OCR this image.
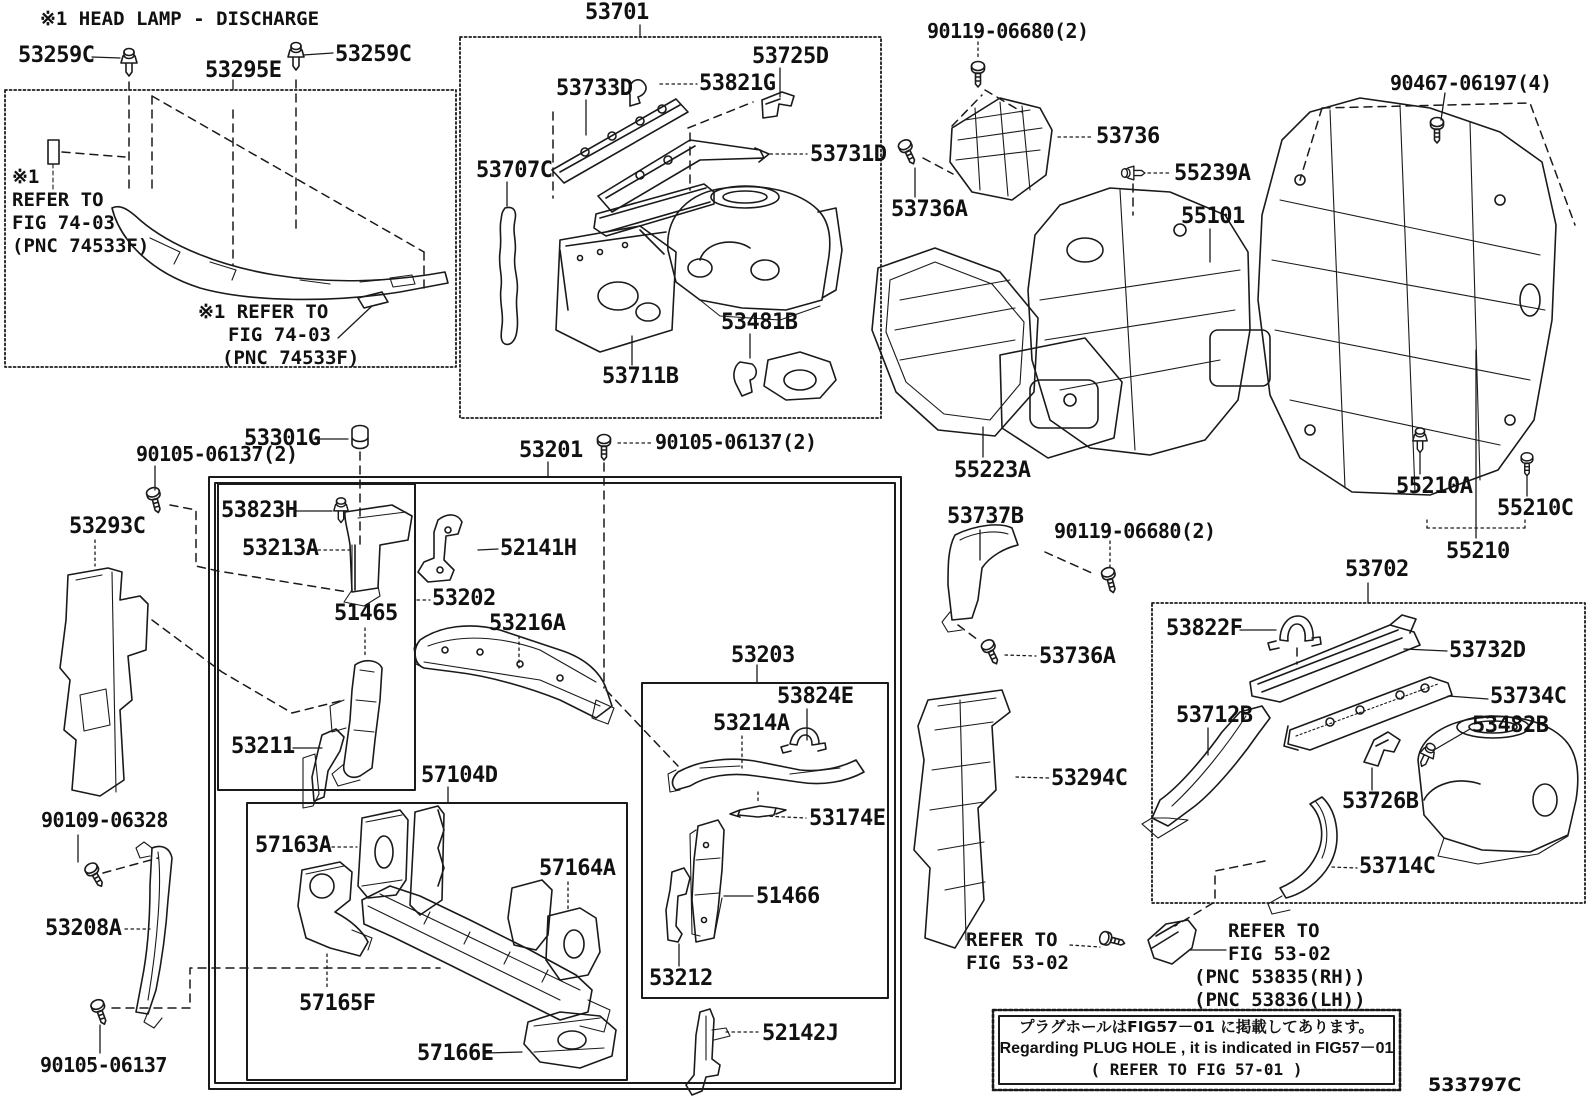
53259C
53295E
53259C
53701
53725D
53733D	53821G
53731D
53707C
53481B
53711B
90119-06680(2)
53736
53736A
55239A
55101
90467-06197(4)
55223A
55210A
55210C
55210
53702
53737B
90119-06680(2)
53736A
53301G
90105-06137(2)
53293C
53823H
53213A
51465
53202
52141H
53216A
53201	90105-06137(2)
53203
53824E
53214A
53174E
51466
53212
53211
57104D
57163A
57164A
57165F
57166E
52142J
90109-06328
53208A
90105-06137
53822F
53732D
53734C
53482B
53712B
53726B
53714C
53294C
※1 HEAD LAMP - DISCHARGE
※1
REFER TO
FIG 74-03
(PNC 74533F)
※1 REFER TO
FIG 74-03
(PNC 74533F)
REFER TO
FIG 53-02
REFER TO
FIG 53-02
(PNC 53835(RH))
(PNC 53836(LH))
プラグホールはFIG57－01 に掲載してあります。
Regarding PLUG HOLE , it is indicated in FIG57－01
( REFER TO FIG 57-01 )
533797C
